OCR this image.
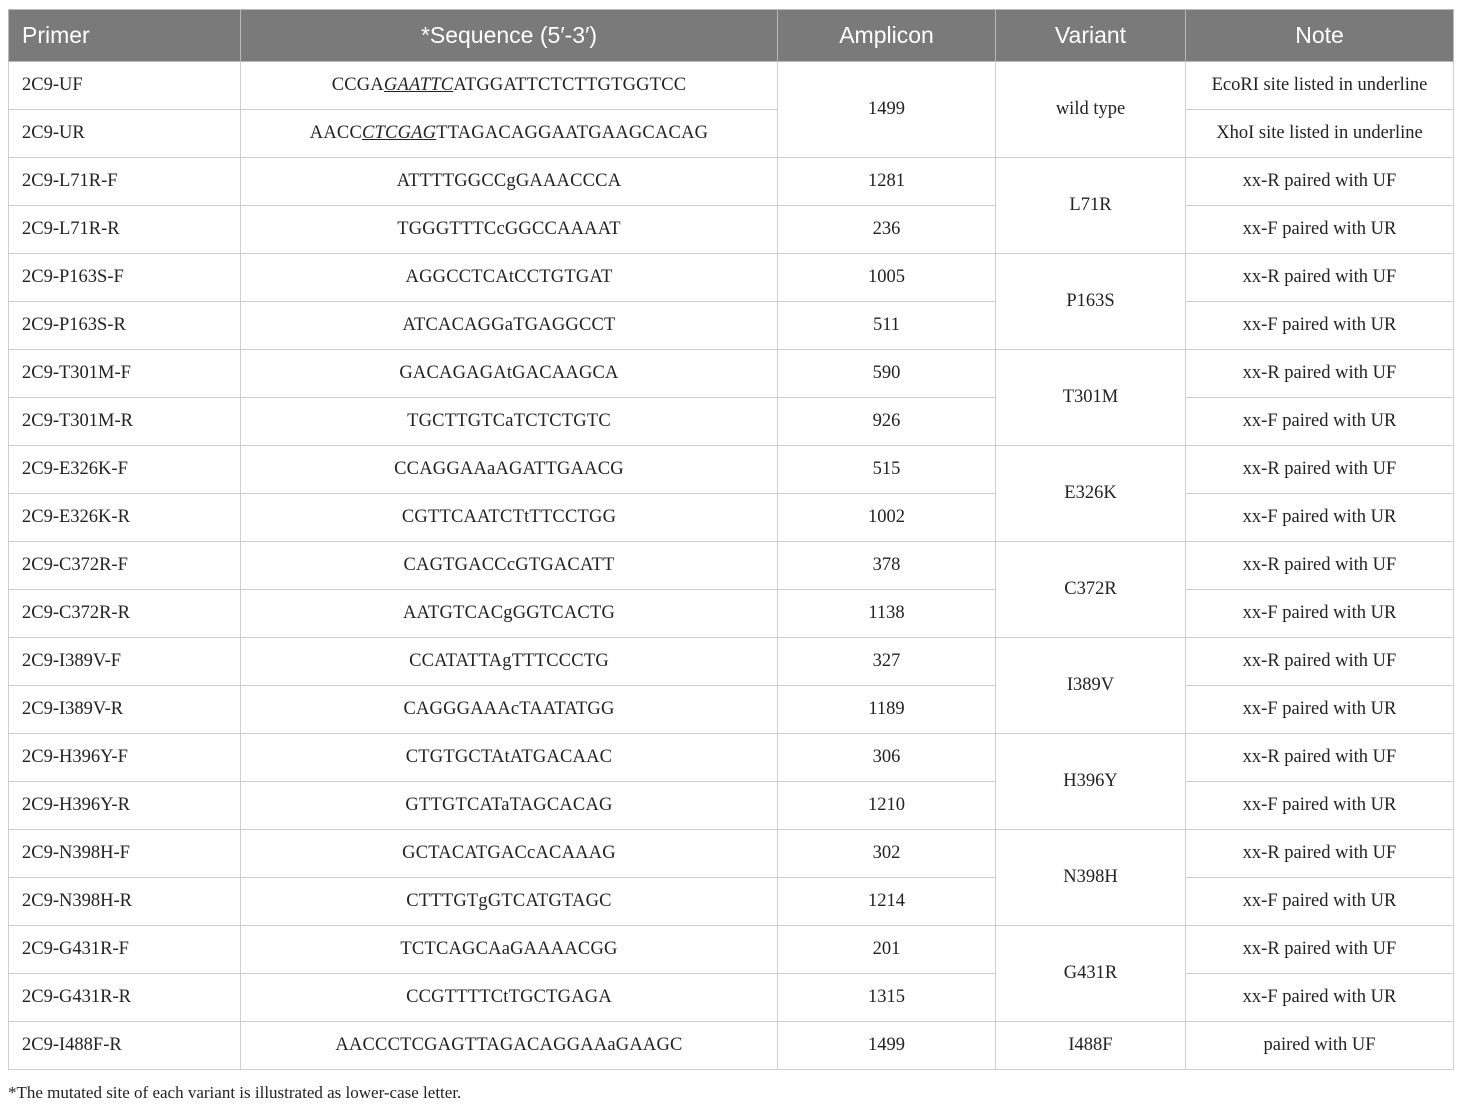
Primer	*Sequence (5′-3′)	Amplicon	Variant	Note
2C9-UF	CCGAGAATTCATGGATTCTCTTGTGGTCC	1499	wild type	EcoRI site listed in underline
2C9-UR	AACCCTCGAGTTAGACAGGAATGAAGCACAG			XhoI site listed in underline
2C9-L71R-F	ATTTTGGCCgGAAACCCA	1281	L71R	xx-R paired with UF
2C9-L71R-R	TGGGTTTCcGGCCAAAAT	236		xx-F paired with UR
2C9-P163S-F	AGGCCTCAtCCTGTGAT	1005	P163S	xx-R paired with UF
2C9-P163S-R	ATCACAGGaTGAGGCCT	511		xx-F paired with UR
2C9-T301M-F	GACAGAGAtGACAAGCA	590	T301M	xx-R paired with UF
2C9-T301M-R	TGCTTGTCaTCTCTGTC	926		xx-F paired with UR
2C9-E326K-F	CCAGGAAaAGATTGAACG	515	E326K	xx-R paired with UF
2C9-E326K-R	CGTTCAATCTtTTCCTGG	1002		xx-F paired with UR
2C9-C372R-F	CAGTGACCcGTGACATT	378	C372R	xx-R paired with UF
2C9-C372R-R	AATGTCACgGGTCACTG	1138		xx-F paired with UR
2C9-I389V-F	CCATATTAgTTTCCCTG	327	I389V	xx-R paired with UF
2C9-I389V-R	CAGGGAAAcTAATATGG	1189		xx-F paired with UR
2C9-H396Y-F	CTGTGCTAtATGACAAC	306	H396Y	xx-R paired with UF
2C9-H396Y-R	GTTGTCATaTAGCACAG	1210		xx-F paired with UR
2C9-N398H-F	GCTACATGACcACAAAG	302	N398H	xx-R paired with UF
2C9-N398H-R	CTTTGTgGTCATGTAGC	1214		xx-F paired with UR
2C9-G431R-F	TCTCAGCAaGAAAACGG	201	G431R	xx-R paired with UF
2C9-G431R-R	CCGTTTTCtTGCTGAGA	1315		xx-F paired with UR
2C9-I488F-R	AACCCTCGAGTTAGACAGGAAaGAAGC	1499	I488F	paired with UF
*The mutated site of each variant is illustrated as lower-case letter.
